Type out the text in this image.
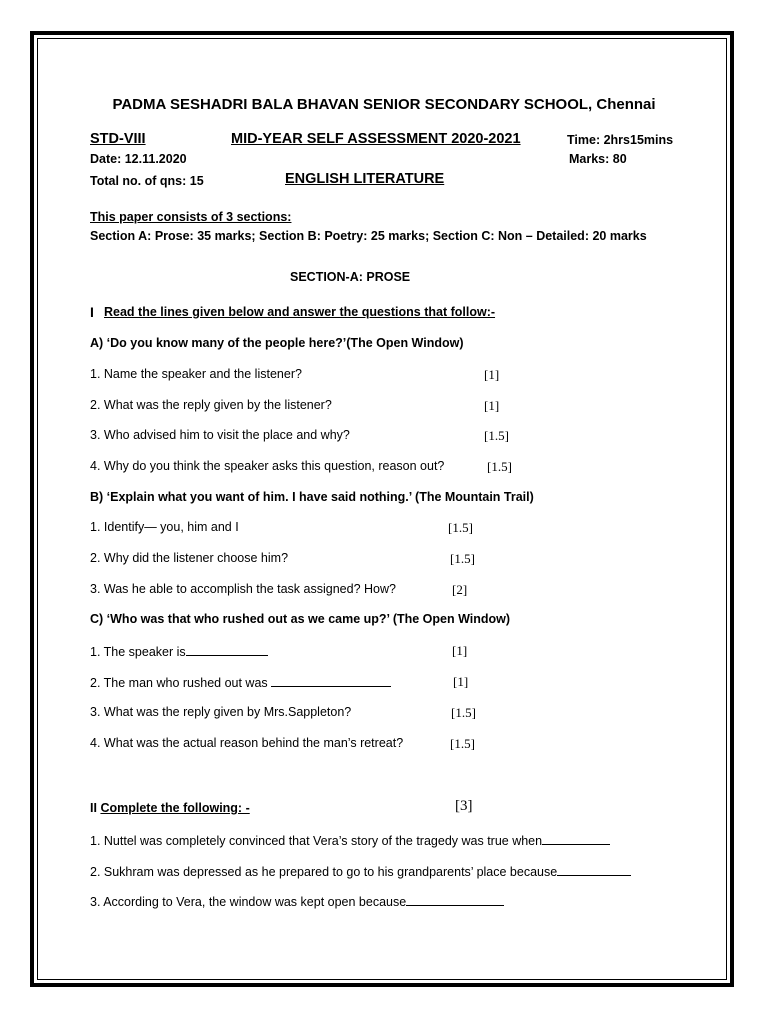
PADMA SESHADRI BALA BHAVAN SENIOR SECONDARY SCHOOL, Chennai
STD-VIII	MID-YEAR SELF ASSESSMENT 2020-2021	Time: 2hrs15mins
Date: 12.11.2020	Marks: 80
Total no. of qns: 15	ENGLISH LITERATURE
This paper consists of 3 sections:
Section A: Prose: 35 marks; Section B: Poetry: 25 marks; Section C: Non – Detailed: 20 marks
SECTION-A: PROSE
I Read the lines given below and answer the questions that follow:-
A) ‘Do you know many of the people here?’(The Open Window)
1. Name the speaker and the listener?	[1]
2. What was the reply given by the listener?	[1]
3. Who advised him to visit the place and why?	[1.5]
4. Why do you think the speaker asks this question, reason out?	[1.5]
B) ‘Explain what you want of him. I have said nothing.’ (The Mountain Trail)
1. Identify— you, him and I	[1.5]
2. Why did the listener choose him?	[1.5]
3. Was he able to accomplish the task assigned? How?	[2]
C) ‘Who was that who rushed out as we came up?’ (The Open Window)
1. The speaker is	[1]
2. The man who rushed out was	[1]
3. What was the reply given by Mrs.Sappleton?	[1.5]
4. What was the actual reason behind the man’s retreat?	[1.5]
II Complete the following: -	[3]
1. Nuttel was completely convinced that Vera’s story of the tragedy was true when
2. Sukhram was depressed as he prepared to go to his grandparents’ place because
3. According to Vera, the window was kept open because
